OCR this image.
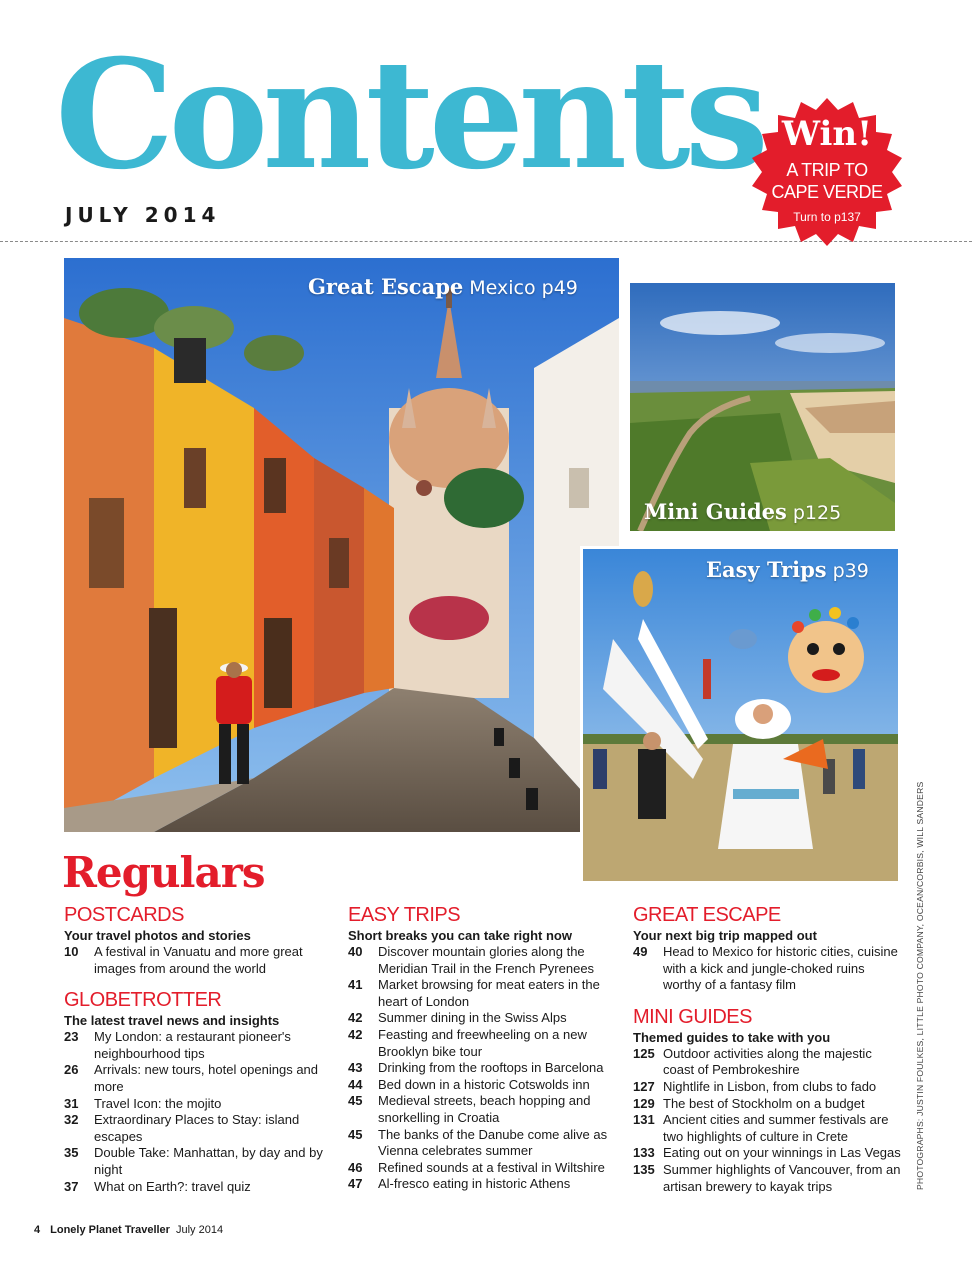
Contents
JULY 2014
Win!
A TRIP TO
CAPE VERDE
Turn to p137
Great Escape Mexico p49
Mini Guides p125
Easy Trips p39
Regulars
POSTCARDS
Your travel photos and stories
10	A festival in Vanuatu and more great images from around the world
GLOBETROTTER
The latest travel news and insights
23	My London: a restaurant pioneer's neighbourhood tips
26	Arrivals: new tours, hotel openings and more
31	Travel Icon: the mojito
32	Extraordinary Places to Stay: island escapes
35	Double Take: Manhattan, by day and by night
37	What on Earth?: travel quiz
EASY TRIPS
Short breaks you can take right now
40	Discover mountain glories along the Meridian Trail in the French Pyrenees
41	Market browsing for meat eaters in the heart of London
42	Summer dining in the Swiss Alps
42	Feasting and freewheeling on a new Brooklyn bike tour
43	Drinking from the rooftops in Barcelona
44	Bed down in a historic Cotswolds inn
45	Medieval streets, beach hopping and snorkelling in Croatia
45	The banks of the Danube come alive as Vienna celebrates summer
46	Refined sounds at a festival in Wiltshire
47	Al-fresco eating in historic Athens
GREAT ESCAPE
Your next big trip mapped out
49	Head to Mexico for historic cities, cuisine with a kick and jungle-choked ruins worthy of a fantasy film
MINI GUIDES
Themed guides to take with you
125 Outdoor activities along the majestic coast of Pembrokeshire
127 Nightlife in Lisbon, from clubs to fado
129 The best of Stockholm on a budget
131 Ancient cities and summer festivals are two highlights of culture in Crete
133 Eating out on your winnings in Las Vegas
135 Summer highlights of Vancouver, from an artisan brewery to kayak trips	PHOTOGRAPHS: JUSTIN FOULKES, LITTLE PHOTO COMPANY, OCEAN/CORBIS, WILL SANDERS
4 Lonely Planet Traveller July 2014
